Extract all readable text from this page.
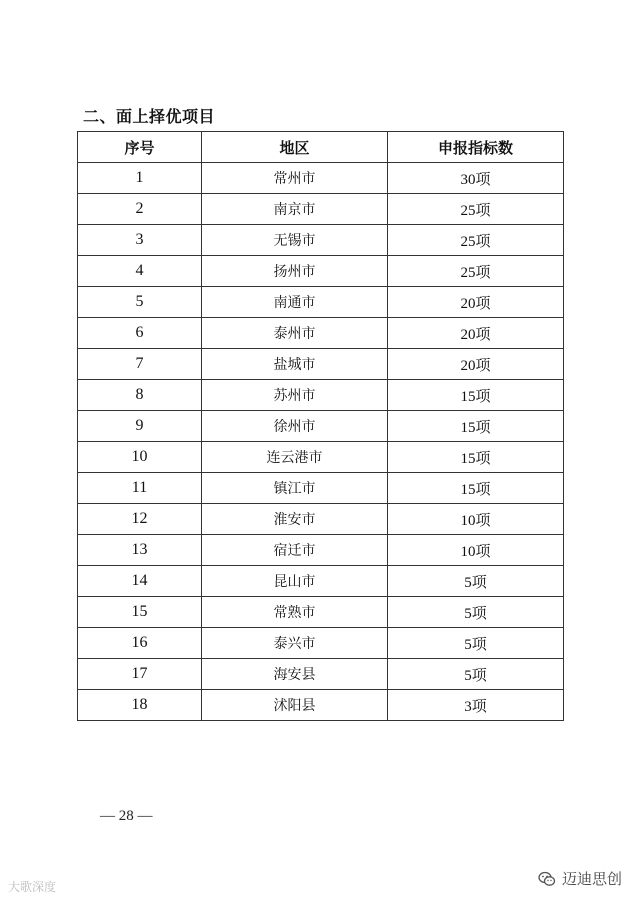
二、面上择优项目
序号	地区	申报指标数
1	常州市	30项
2	南京市	25项
3	无锡市	25项
4	扬州市	25项
5	南通市	20项
6	泰州市	20项
7	盐城市	20项
8	苏州市	15项
9	徐州市	15项
10	连云港市	15项
11	镇江市	15项
12	淮安市	10项
13	宿迁市	10项
14	昆山市	5项
15	常熟市	5项
16	泰兴市	5项
17	海安县	5项
18	沭阳县	3项
— 28 —
大歌深度	迈迪思创
